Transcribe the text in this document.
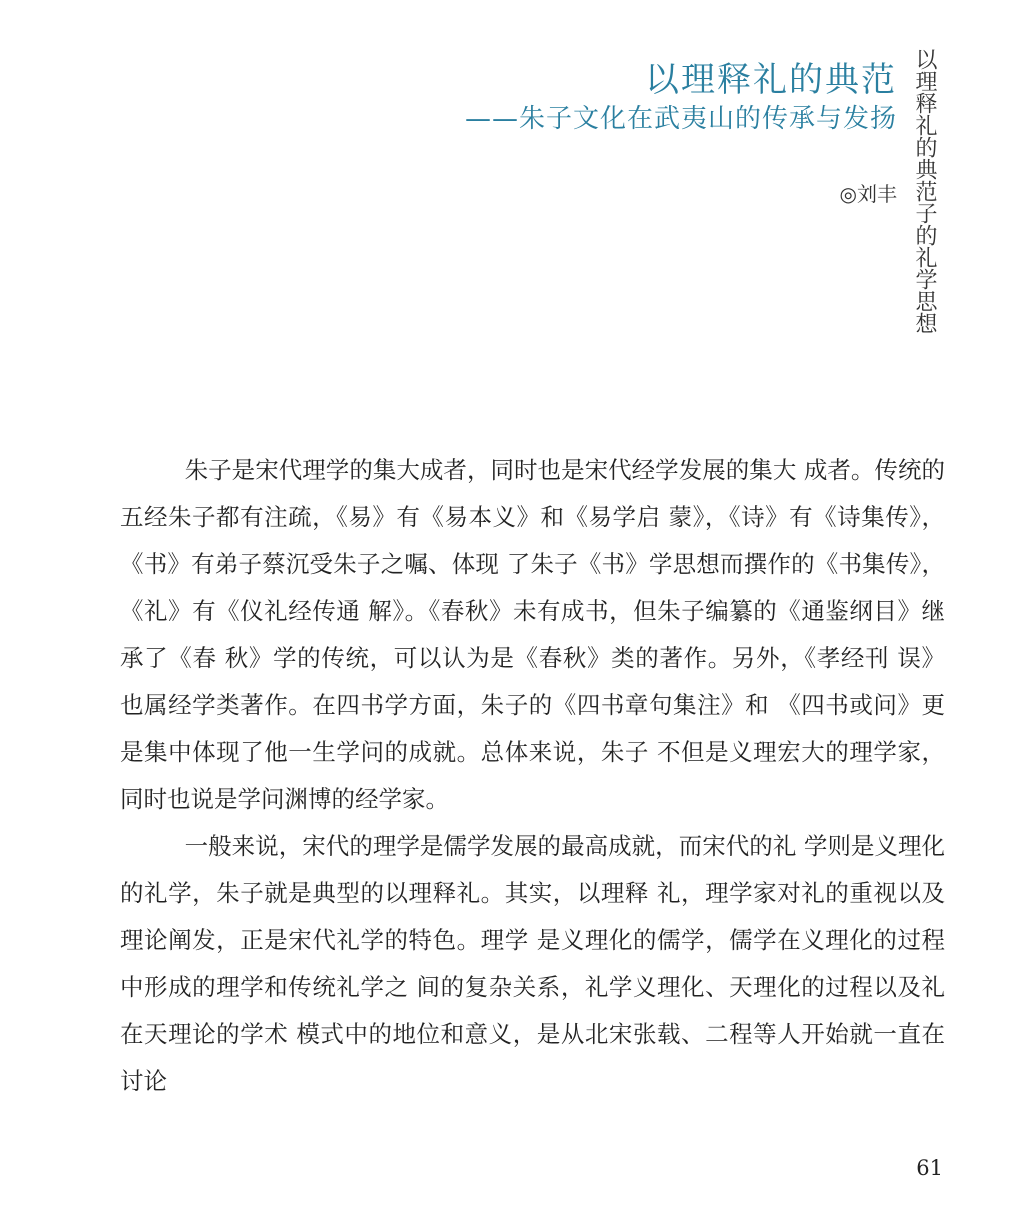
以理释礼的典范
——朱子文化在武夷山的传承与发扬
◎刘丰 以理释礼的典范子的礼学思想

朱子是宋代理学的集大成者，同时也是宋代经学发展的集大 成者。传统的五经朱子都有注疏，《易》有《易本义》和《易学启 蒙》，《诗》有《诗集传》，《书》有弟子蔡沉受朱子之嘱、体现 了朱子《书》学思想而撰作的《书集传》，《礼》有《仪礼经传通 解》。《春秋》未有成书，但朱子编纂的《通鉴纲目》继承了《春 秋》学的传统，可以认为是《春秋》类的著作。另外，《孝经刊 误》也属经学类著作。在四书学方面，朱子的《四书章句集注》和 《四书或问》更是集中体现了他一生学问的成就。总体来说，朱子 不但是义理宏大的理学家，同时也说是学问渊博的经学家。

一般来说，宋代的理学是儒学发展的最高成就，而宋代的礼 学则是义理化的礼学，朱子就是典型的以理释礼。其实，以理释 礼，理学家对礼的重视以及理论阐发，正是宋代礼学的特色。理学 是义理化的儒学，儒学在义理化的过程中形成的理学和传统礼学之 间的复杂关系，礼学义理化、天理化的过程以及礼在天理论的学术 模式中的地位和意义，是从北宋张载、二程等人开始就一直在讨论

61
